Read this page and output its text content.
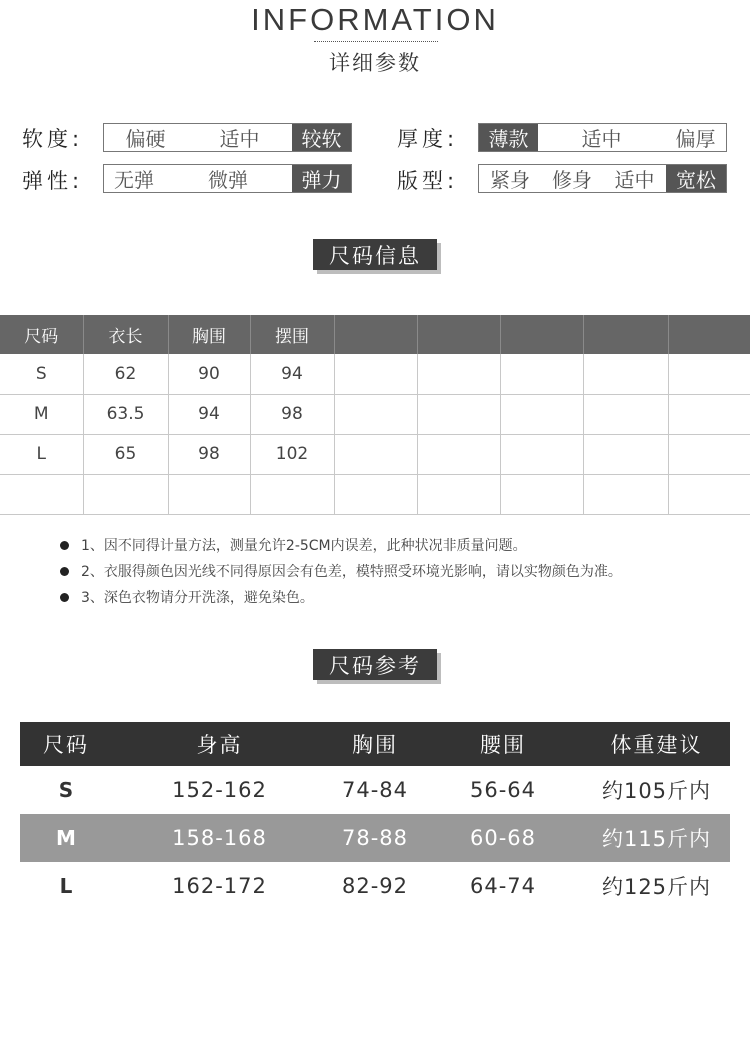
INFORMATION
详细参数
软度:	偏硬	适中	较软	厚度:	薄款	适中	偏厚
弹性:	无弹	微弹	弹力	版型:	紧身	修身	适中	宽松
尺码信息
尺码	衣长	胸围	摆围					
S	62	90	94					
M	63.5	94	98					
L	65	98	102					

1、因不同得计量方法，测量允许2-5CM内误差，此种状况非质量问题。
2、衣服得颜色因光线不同得原因会有色差，模特照受环境光影响，请以实物颜色为准。
3、深色衣物请分开洗涤，避免染色。
尺码参考
尺码	身高	胸围	腰围	体重建议
S	152-162	74-84	56-64	约105斤内
M	158-168	78-88	60-68	约115斤内
L	162-172	82-92	64-74	约125斤内
